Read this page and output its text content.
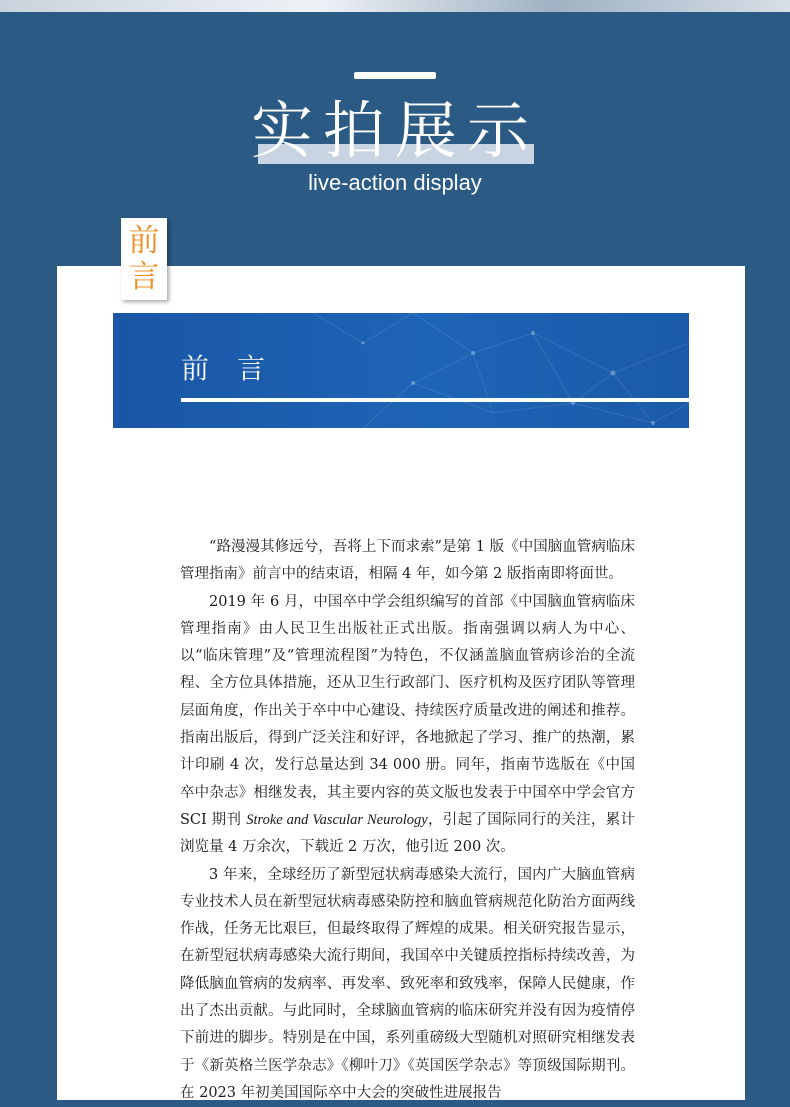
实拍展示
live-action display
前
言
前　言

“路漫漫其修远兮，吾将上下而求索”是第 1 版《中国脑血管病临床管理指南》前言中的结束语，相隔 4 年，如今第 2 版指南即将面世。

2019 年 6 月，中国卒中学会组织编写的首部《中国脑血管病临床管理指南》由人民卫生出版社正式出版。指南强调以病人为中心、以“临床管理”及“管理流程图”为特色，不仅涵盖脑血管病诊治的全流程、全方位具体措施，还从卫生行政部门、医疗机构及医疗团队等管理层面角度，作出关于卒中中心建设、持续医疗质量改进的阐述和推荐。指南出版后，得到广泛关注和好评，各地掀起了学习、推广的热潮，累计印刷 4 次，发行总量达到 34 000 册。同年，指南节选版在《中国卒中杂志》相继发表，其主要内容的英文版也发表于中国卒中学会官方 SCI 期刊 Stroke and Vascular Neurology，引起了国际同行的关注，累计浏览量 4 万余次，下载近 2 万次，他引近 200 次。

3 年来，全球经历了新型冠状病毒感染大流行，国内广大脑血管病专业技术人员在新型冠状病毒感染防控和脑血管病规范化防治方面两线作战，任务无比艰巨，但最终取得了辉煌的成果。相关研究报告显示，在新型冠状病毒感染大流行期间，我国卒中关键质控指标持续改善，为降低脑血管病的发病率、再发率、致死率和致残率，保障人民健康，作出了杰出贡献。与此同时，全球脑血管病的临床研究并没有因为疫情停下前进的脚步。特别是在中国，系列重磅级大型随机对照研究相继发表于《新英格兰医学杂志》《柳叶刀》《英国医学杂志》等顶级国际期刊。在 2023 年初美国国际卒中大会的突破性进展报告
